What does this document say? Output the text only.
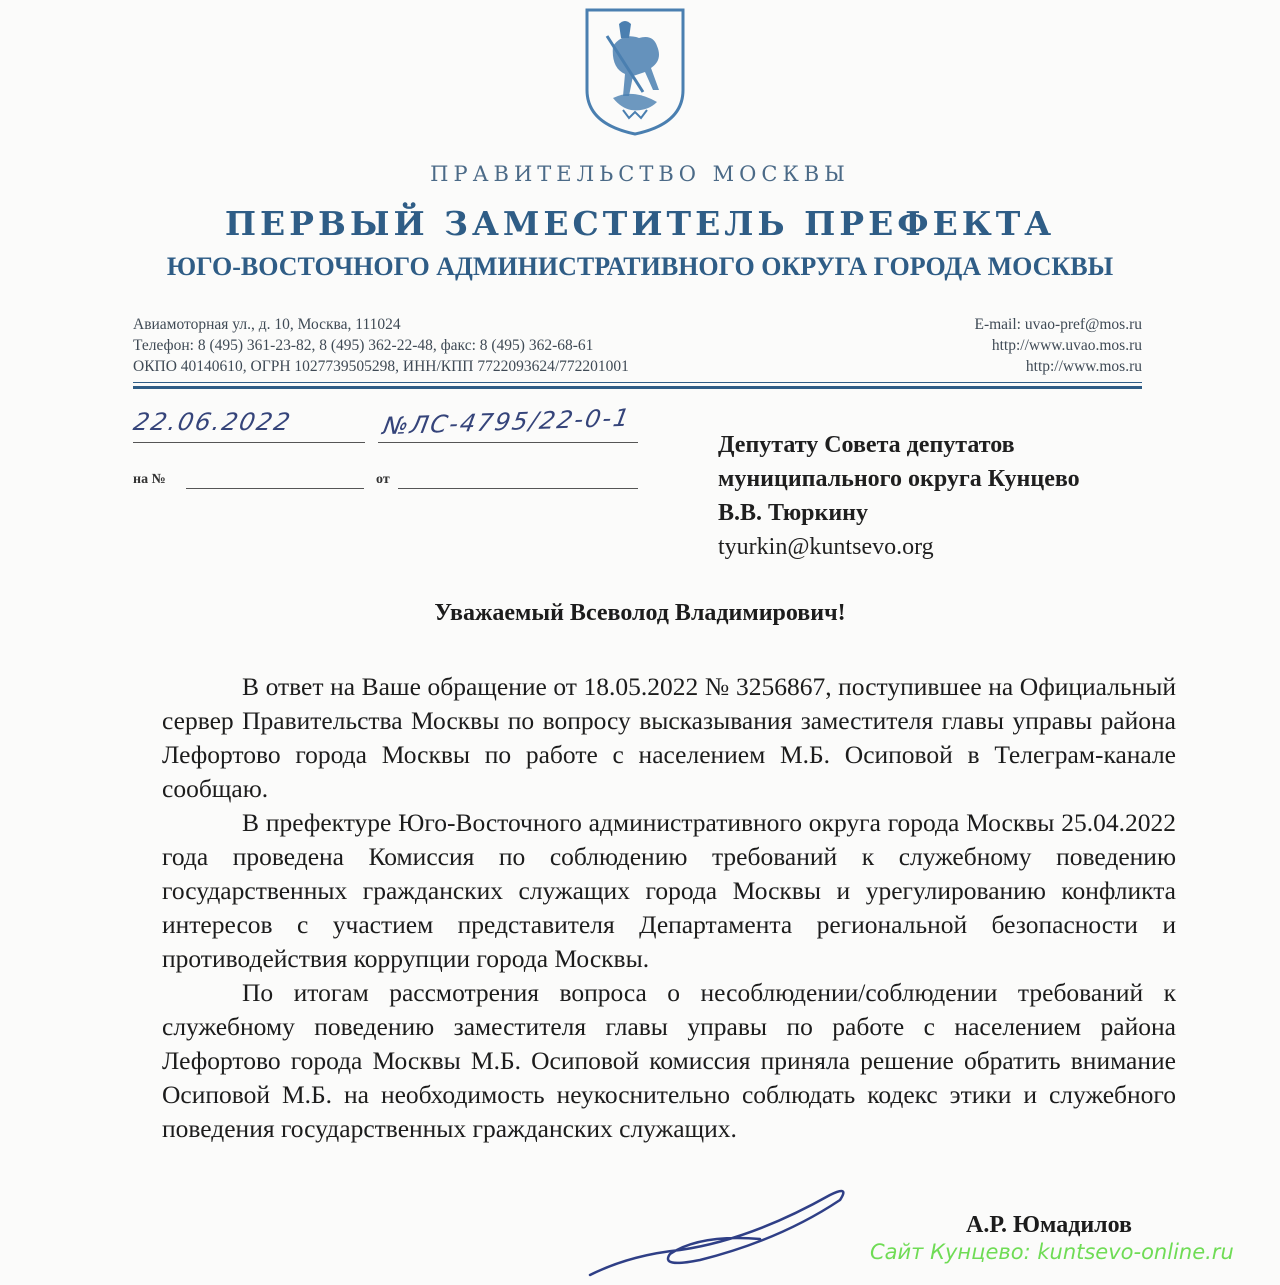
ПРАВИТЕЛЬСТВО МОСКВЫ
ПЕРВЫЙ ЗАМЕСТИТЕЛЬ ПРЕФЕКТА
ЮГО-ВОСТОЧНОГО АДМИНИСТРАТИВНОГО ОКРУГА ГОРОДА МОСКВЫ
Авиамоторная ул., д. 10, Москва, 111024
Телефон: 8 (495) 361-23-82, 8 (495) 362-22-48, факс: 8 (495) 362-68-61
ОКПО 40140610, ОГРН 1027739505298, ИНН/КПП 7722093624/772201001
E-mail: uvao-pref@mos.ru
http://www.uvao.mos.ru
http://www.mos.ru
22.06.2022	№ЛС-4795/22-0-1
на №	от
Депутату Совета депутатов
муниципального округа Кунцево
В.В. Тюркину
tyurkin@kuntsevo.org
Уважаемый Всеволод Владимирович!

В ответ на Ваше обращение от 18.05.2022 № 3256867, поступившее на Официальный сервер Правительства Москвы по вопросу высказывания заместителя главы управы района Лефортово города Москвы по работе с населением М.Б. Осиповой в Телеграм-канале сообщаю.

В префектуре Юго-Восточного административного округа города Москвы 25.04.2022 года проведена Комиссия по соблюдению требований к служебному поведению государственных гражданских служащих города Москвы и урегулированию конфликта интересов с участием представителя Департамента региональной безопасности и противодействия коррупции города Москвы.

По итогам рассмотрения вопроса о несоблюдении/соблюдении требований к служебному поведению заместителя главы управы по работе с населением района Лефортово города Москвы М.Б. Осиповой комиссия приняла решение обратить внимание Осиповой М.Б. на необходимость неукоснительно соблюдать кодекс этики и служебного поведения государственных гражданских служащих.

А.Р. Юмадилов
Сайт Кунцево: kuntsevo-online.ru
